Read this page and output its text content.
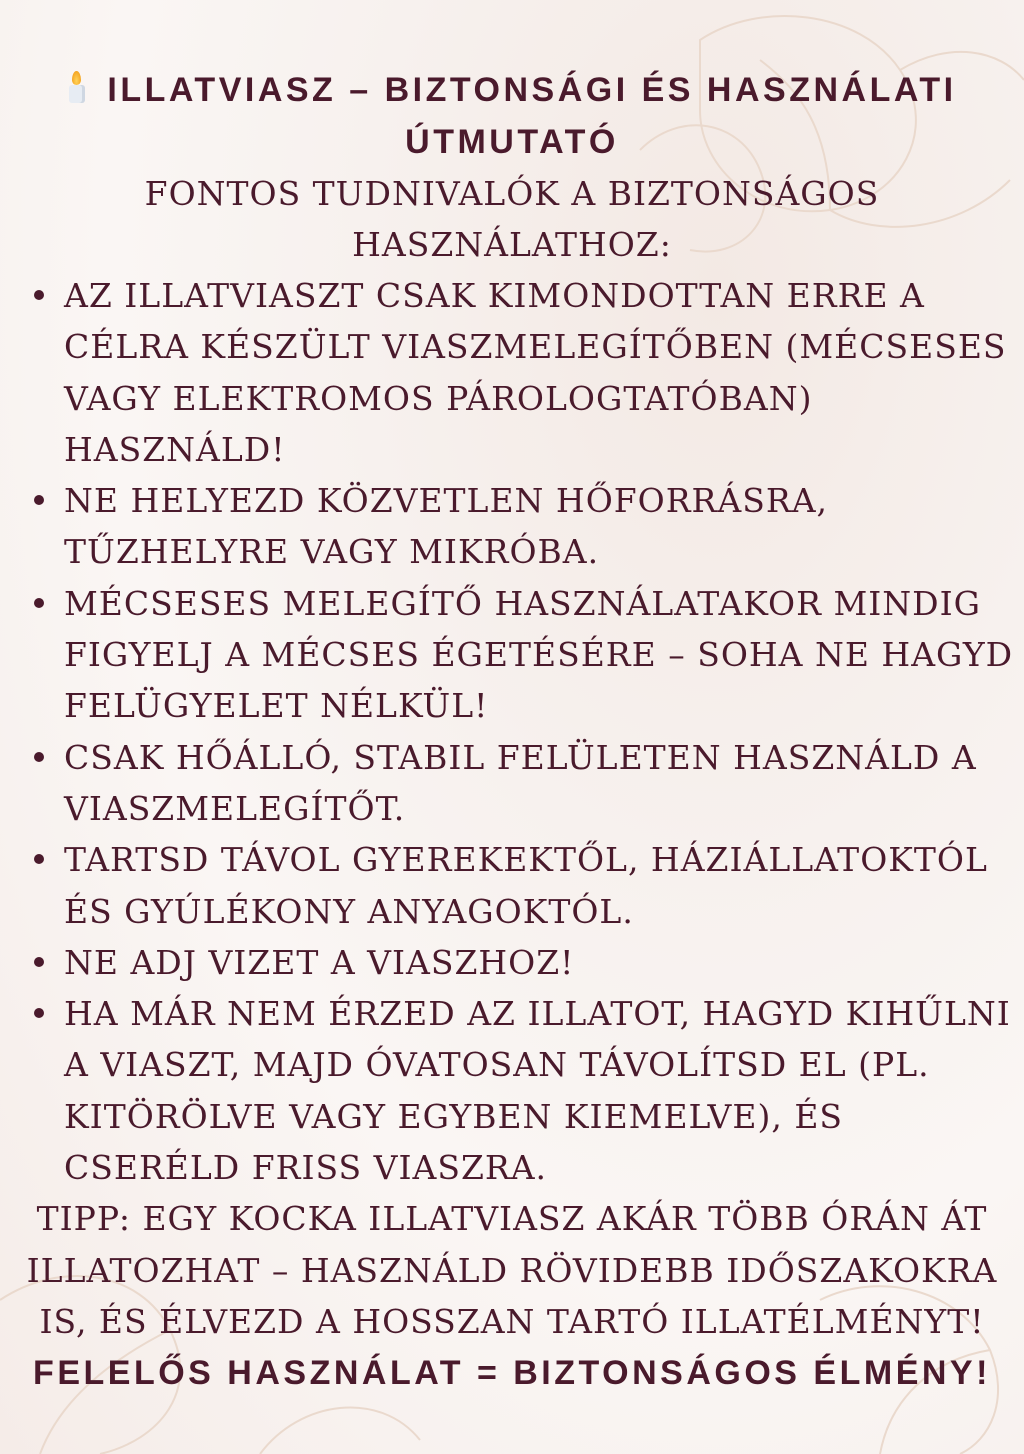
ILLATVIASZ – BIZTONSÁGI ÉS HASZNÁLATI ÚTMUTATÓ

FONTOS TUDNIVALÓK A BIZTONSÁGOS HASZNÁLATHOZ:

AZ ILLATVIASZT CSAK KIMONDOTTAN ERRE A CÉLRA KÉSZÜLT VIASZMELEGÍTŐBEN (MÉCSESES VAGY ELEKTROMOS PÁROLOGTATÓBAN) HASZNÁLD!
NE HELYEZD KÖZVETLEN HŐFORRÁSRA, TŰZHELYRE VAGY MIKRÓBA.
MÉCSESES MELEGÍTŐ HASZNÁLATAKOR MINDIG FIGYELJ A MÉCSES ÉGETÉSÉRE – SOHA NE HAGYD FELÜGYELET NÉLKÜL!
CSAK HŐÁLLÓ, STABIL FELÜLETEN HASZNÁLD A VIASZMELEGÍTŐT.
TARTSD TÁVOL GYEREKEKTŐL, HÁZIÁLLATOKTÓL ÉS GYÚLÉKONY ANYAGOKTÓL.
NE ADJ VIZET A VIASZHOZ!
HA MÁR NEM ÉRZED AZ ILLATOT, HAGYD KIHŰLNI A VIASZT, MAJD ÓVATOSAN TÁVOLÍTSD EL (PL. KITÖRÖLVE VAGY EGYBEN KIEMELVE), ÉS CSERÉLD FRISS VIASZRA.

TIPP: EGY KOCKA ILLATVIASZ AKÁR TÖBB ÓRÁN ÁT ILLATOZHAT – HASZNÁLD RÖVIDEBB IDŐSZAKOKRA IS, ÉS ÉLVEZD A HOSSZAN TARTÓ ILLATÉLMÉNYT!

FELELŐS HASZNÁLAT = BIZTONSÁGOS ÉLMÉNY!
